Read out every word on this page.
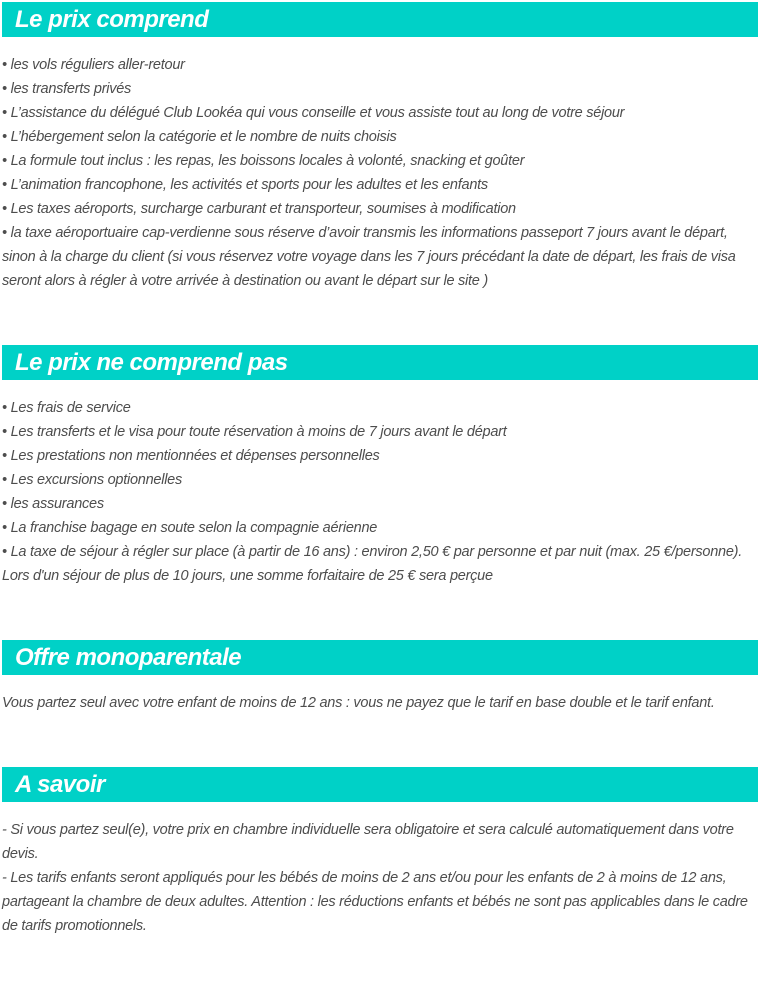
Le prix comprend

• les vols réguliers aller-retour

• les transferts privés

• L’assistance du délégué Club Lookéa qui vous conseille et vous assiste tout au long de votre séjour

• L’hébergement selon la catégorie et le nombre de nuits choisis

• La formule tout inclus : les repas, les boissons locales à volonté, snacking et goûter

• L’animation francophone, les activités et sports pour les adultes et les enfants

• Les taxes aéroports, surcharge carburant et transporteur, soumises à modification

• la taxe aéroportuaire cap-verdienne sous réserve d’avoir transmis les informations passeport 7 jours avant le départ, sinon à la charge du client (si vous réservez votre voyage dans les 7 jours précédant la date de départ, les frais de visa seront alors à régler à votre arrivée à destination ou avant le départ sur le site )

Le prix ne comprend pas

• Les frais de service

• Les transferts et le visa pour toute réservation à moins de 7 jours avant le départ

• Les prestations non mentionnées et dépenses personnelles

• Les excursions optionnelles

• les assurances

• La franchise bagage en soute selon la compagnie aérienne

• La taxe de séjour à régler sur place (à partir de 16 ans) : environ 2,50 € par personne et par nuit (max. 25 €/personne). Lors d'un séjour de plus de 10 jours, une somme forfaitaire de 25 € sera perçue

Offre monoparentale

Vous partez seul avec votre enfant de moins de 12 ans : vous ne payez que le tarif en base double et le tarif enfant.

A savoir

- Si vous partez seul(e), votre prix en chambre individuelle sera obligatoire et sera calculé automatiquement dans votre devis.

- Les tarifs enfants seront appliqués pour les bébés de moins de 2 ans et/ou pour les enfants de 2 à moins de 12 ans, partageant la chambre de deux adultes. Attention : les réductions enfants et bébés ne sont pas applicables dans le cadre de tarifs promotionnels.
